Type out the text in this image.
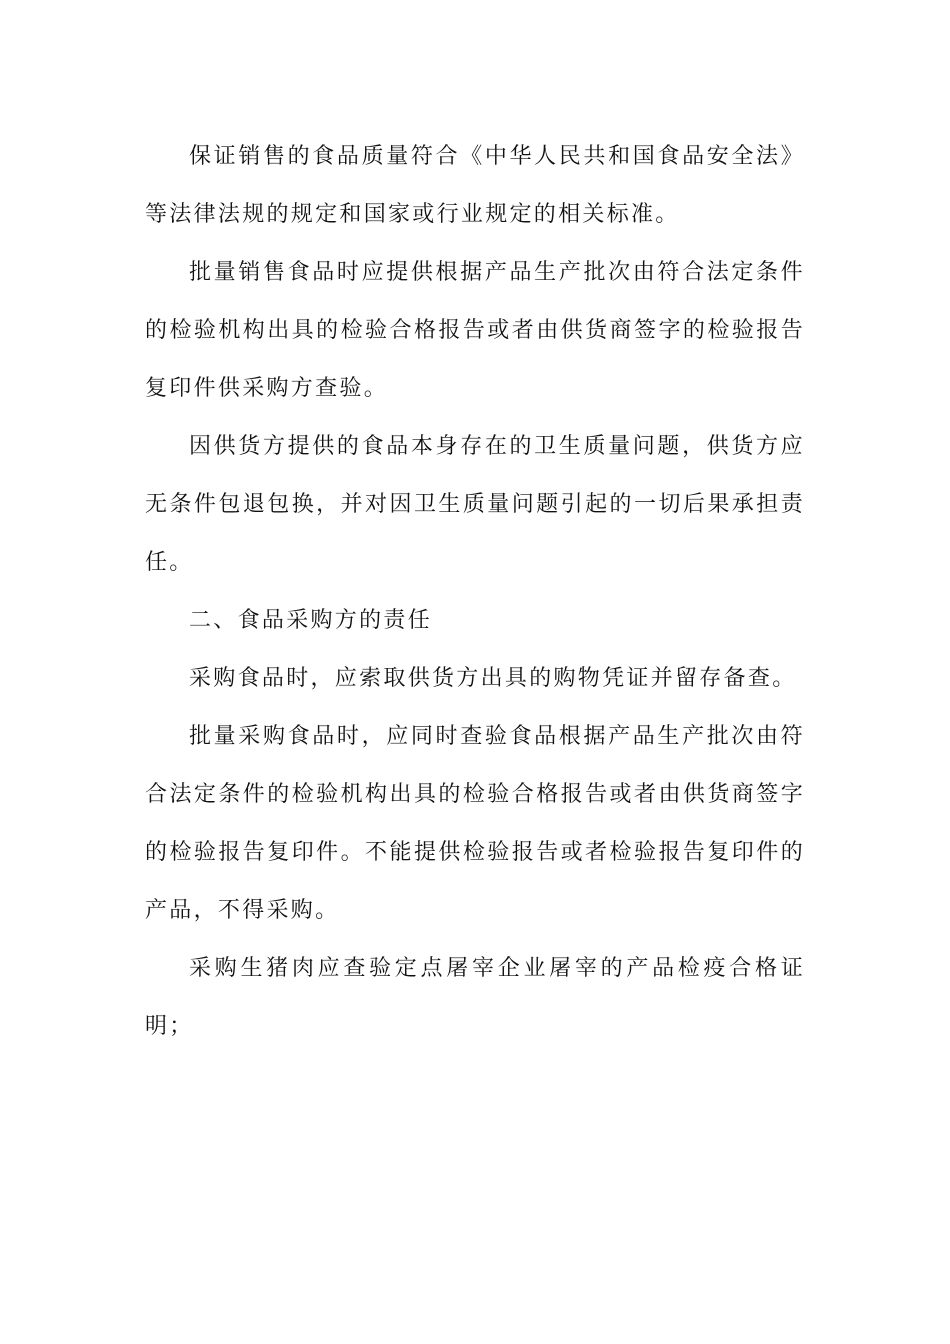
保证销售的食品质量符合《中华人民共和国食品安全法》等法律法规的规定和国家或行业规定的相关标准。

批量销售食品时应提供根据产品生产批次由符合法定条件的检验机构出具的检验合格报告或者由供货商签字的检验报告复印件供采购方查验。

因供货方提供的食品本身存在的卫生质量问题，供货方应无条件包退包换，并对因卫生质量问题引起的一切后果承担责任。

二、食品采购方的责任

采购食品时，应索取供货方出具的购物凭证并留存备查。

批量采购食品时，应同时查验食品根据产品生产批次由符合法定条件的检验机构出具的检验合格报告或者由供货商签字的检验报告复印件。不能提供检验报告或者检验报告复印件的产品，不得采购。

采购生猪肉应查验定点屠宰企业屠宰的产品检疫合格证明；
